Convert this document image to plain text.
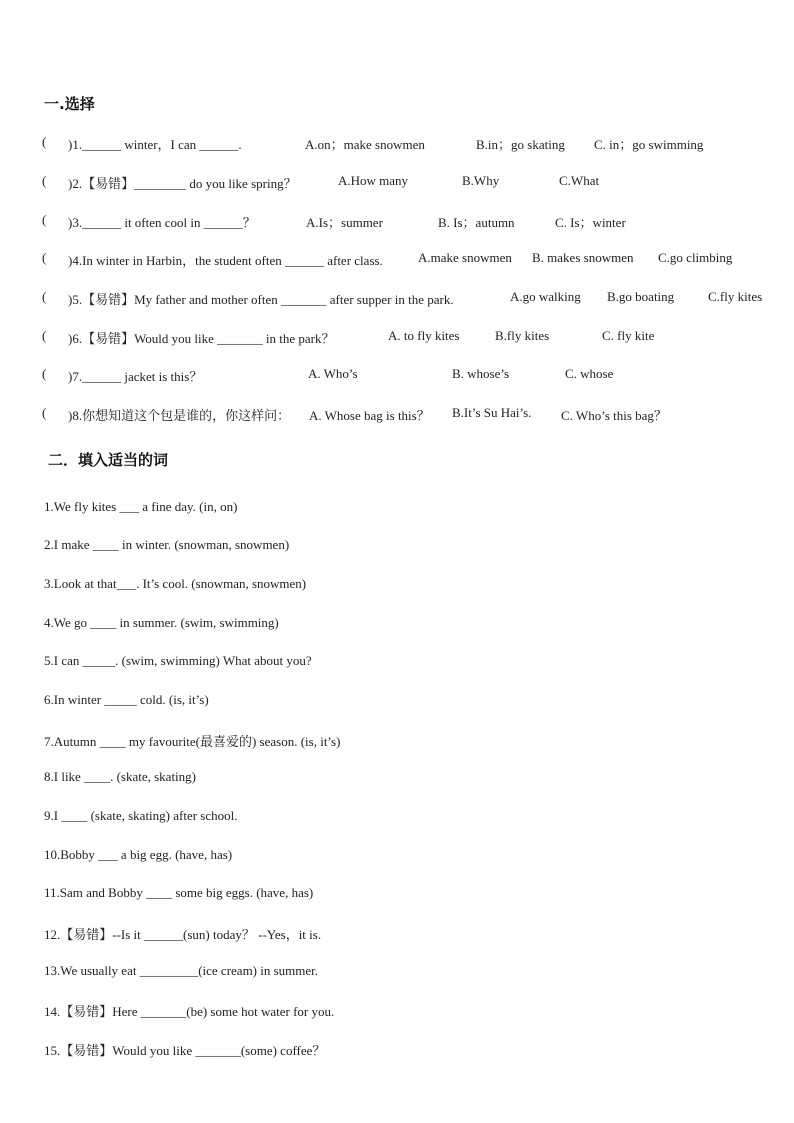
一.选择
( )1.______ winter，I can ______.	A.on；make snowmen	B.in；go skating C. in；go swimming
( )2.【易错】________ do you like spring？	A.How many	B.Why	C.What
( )3.______ it often cool in ______？	A.Is；summer	B. Is；autumn	C. Is；winter
( )4.In winter in Harbin，the student often ______ after class.	A.make snowmen B. makes snowmen C.go climbing
( )5.【易错】My father and mother often _______ after supper in the park.	A.go walking B.go boating	C.fly kites
( )6.【易错】Would you like _______ in the park？	A. to fly kites	B.fly kites	C. fly kite
( )7.______ jacket is this？	A. Who’s	B. whose’s	C. whose
( )8.你想知道这个包是谁的，你这样问： A. Whose bag is this？ B.It’s Su Hai’s. C. Who’s this bag？
二．填入适当的词
1.We fly kites ___ a fine day. (in, on)
2.I make ____ in winter. (snowman, snowmen)
3.Look at that___. It’s cool. (snowman, snowmen)
4.We go ____ in summer. (swim, swimming)
5.I can _____. (swim, swimming) What about you?
6.In winter _____ cold. (is, it’s)
7.Autumn ____ my favourite(最喜爱的) season. (is, it’s)
8.I like ____. (skate, skating)
9.I ____ (skate, skating) after school.
10.Bobby ___ a big egg. (have, has)
11.Sam and Bobby ____ some big eggs. (have, has)
12.【易错】--Is it ______(sun) today？ --Yes，it is.
13.We usually eat _________(ice cream) in summer.
14.【易错】Here _______(be) some hot water for you.
15.【易错】Would you like _______(some) coffee？
